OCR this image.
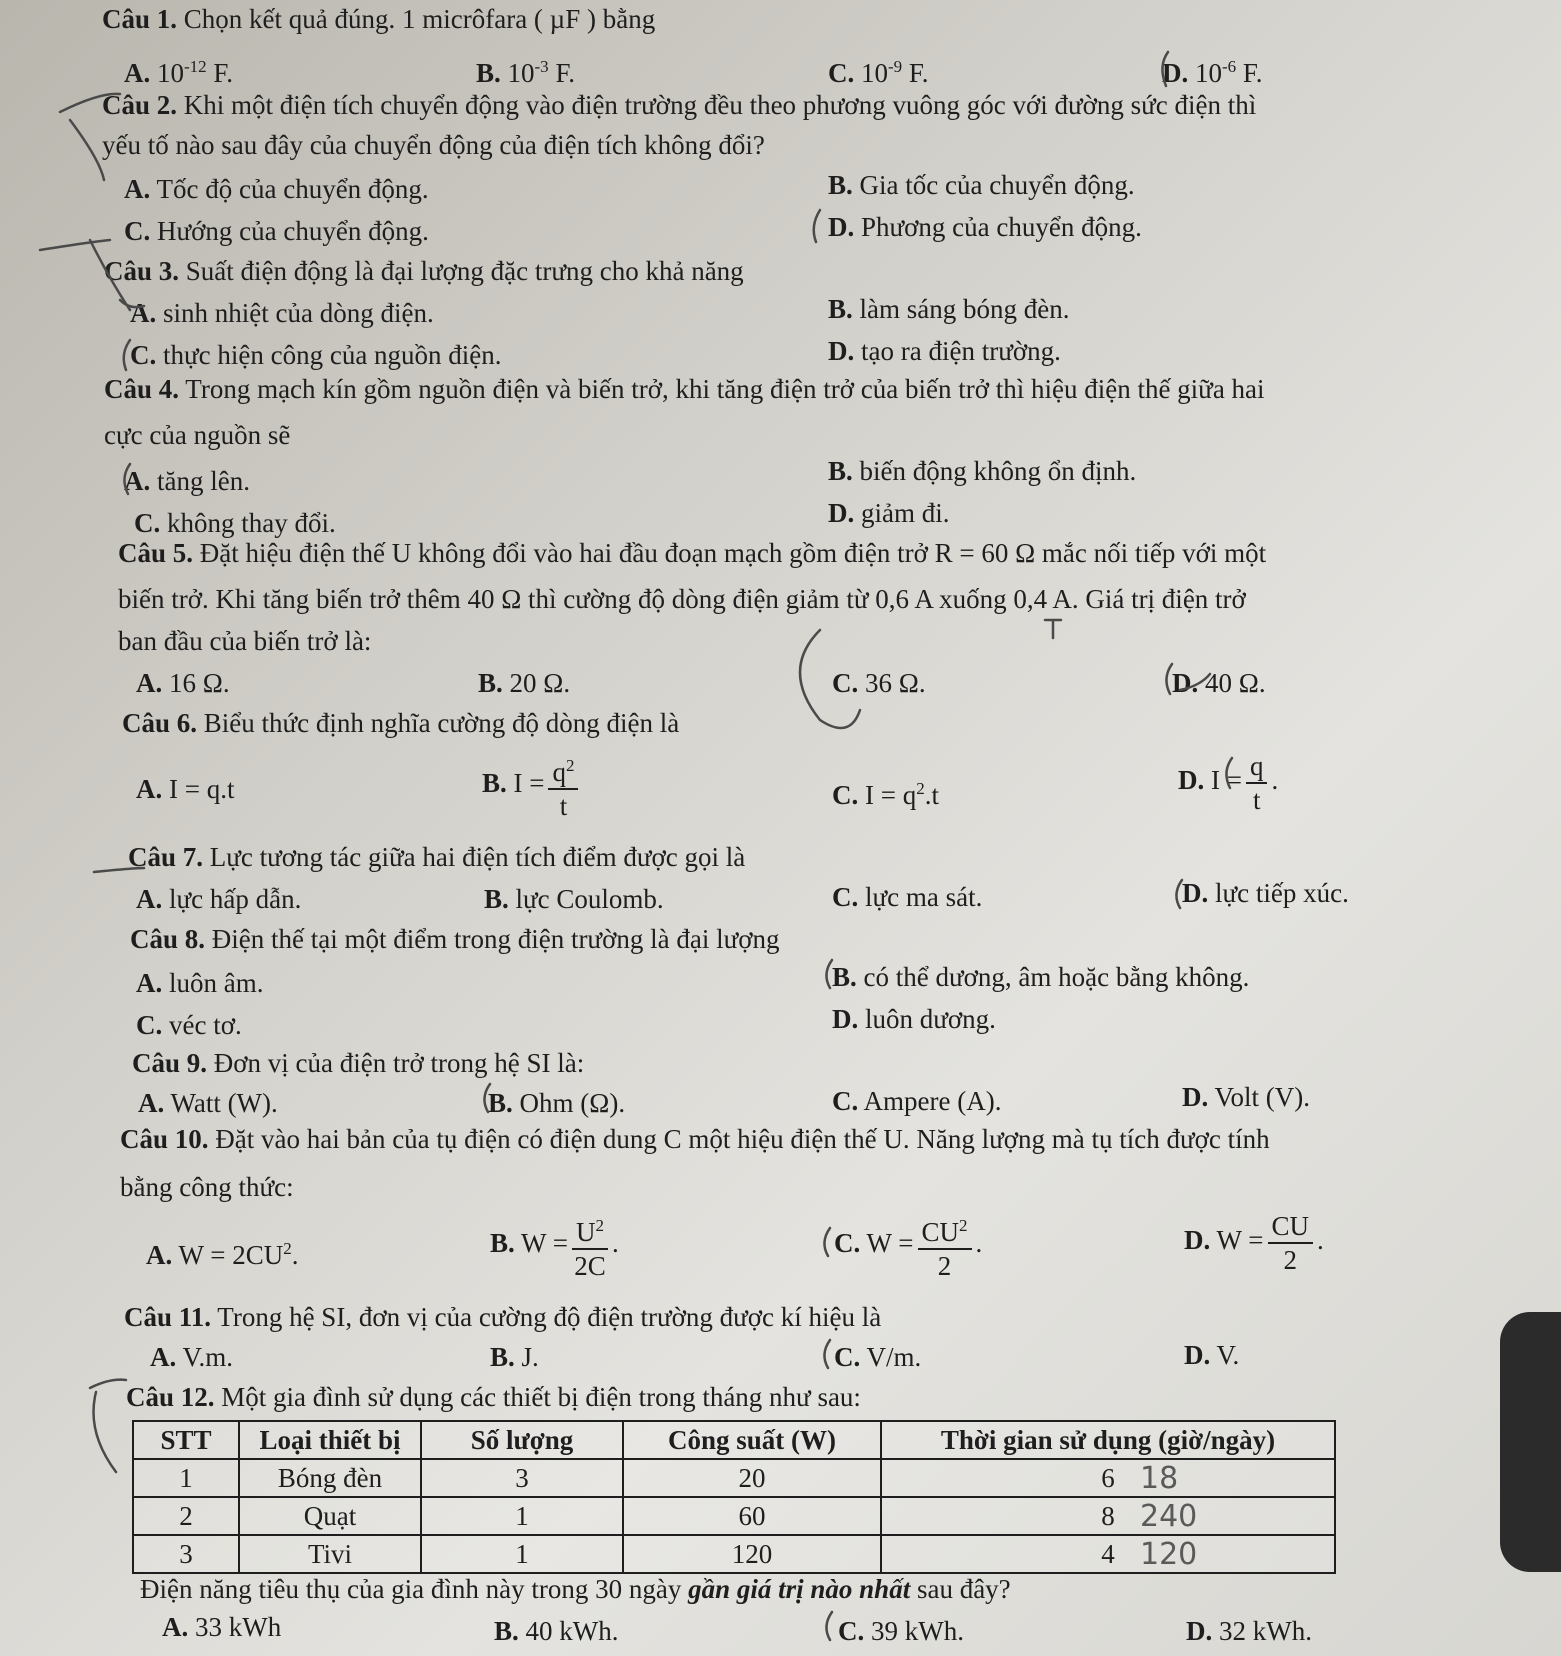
Câu 1. Chọn kết quả đúng. 1 micrôfara ( µF ) bằng
A. $10^{-12}$ F.	B. $10^{-3}$ F.	C. $10^{-9}$ F.	D. $10^{-6}$ F.
Câu 2. Khi một điện tích chuyển động vào điện trường đều theo phương vuông góc với đường sức điện thì
yếu tố nào sau đây của chuyển động của điện tích không đổi?
A. Tốc độ của chuyển động.	B. Gia tốc của chuyển động.
C. Hướng của chuyển động.	D. Phương của chuyển động.
Câu 3. Suất điện động là đại lượng đặc trưng cho khả năng
A. sinh nhiệt của dòng điện.	B. làm sáng bóng đèn.
C. thực hiện công của nguồn điện.	D. tạo ra điện trường.
Câu 4. Trong mạch kín gồm nguồn điện và biến trở, khi tăng điện trở của biến trở thì hiệu điện thế giữa hai
cực của nguồn sẽ
A. tăng lên.	B. biến động không ổn định.
C. không thay đổi.	D. giảm đi.
Câu 5. Đặt hiệu điện thế U không đổi vào hai đầu đoạn mạch gồm điện trở R = 60 Ω mắc nối tiếp với một
biến trở. Khi tăng biến trở thêm 40 Ω thì cường độ dòng điện giảm từ 0,6 A xuống 0,4 A. Giá trị điện trở
ban đầu của biến trở là:
A. 16 Ω.	B. 20 Ω.	C. 36 Ω.	D. 40 Ω.
Câu 6. Biểu thức định nghĩa cường độ dòng điện là
A. I = q.t	B. $I = \frac{q^2}{t}$	C. $I = q^2.t$	D. $I = \frac{q}{t}$ .
Câu 7. Lực tương tác giữa hai điện tích điểm được gọi là
A. lực hấp dẫn.	B. lực Coulomb.	C. lực ma sát.	D. lực tiếp xúc.
Câu 8. Điện thế tại một điểm trong điện trường là đại lượng
A. luôn âm.	B. có thể dương, âm hoặc bằng không.
C. véc tơ.	D. luôn dương.
Câu 9. Đơn vị của điện trở trong hệ SI là:
A. Watt (W).	B. Ohm (Ω).	C. Ampere (A).	D. Volt (V).
Câu 10. Đặt vào hai bản của tụ điện có điện dung C một hiệu điện thế U. Năng lượng mà tụ tích được tính
bằng công thức:
A. $W = 2CU^2$.	B. $W = \frac{U^2}{2C}$ .	C. $W = \frac{CU^2}{2}$ .	D. $W = \frac{CU}{2}$ .
Câu 11. Trong hệ SI, đơn vị của cường độ điện trường được kí hiệu là
A. V.m.	B. J.	C. V/m.	D. V.
Câu 12. Một gia đình sử dụng các thiết bị điện trong tháng như sau:
STT	Loại thiết bị	Số lượng	Công suất (W)	Thời gian sử dụng (giờ/ngày)
1	Bóng đèn	3	20	6
2	Quạt	1	60	8
3	Tivi	1	120	4
Điện năng tiêu thụ của gia đình này trong 30 ngày gần giá trị nào nhất sau đây?
A. 33 kWh	B. 40 kWh.	C. 39 kWh.	D. 32 kWh.
18
240
120
